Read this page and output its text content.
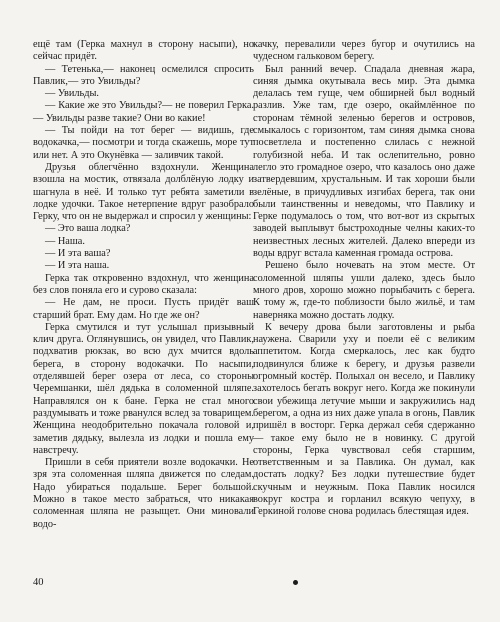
ещё там (Герка махнул в сторону насыпи), но сейчас придёт.

— Тетенька,— наконец осмелился спросить Павлик,— это Увильды?

— Увильды.

— Какие же это Увильды?— не поверил Герка.— Увильды разве такие? Они во какие!

— Ты пойди на тот берег — видишь, где водокачка,— посмотри и тогда скажешь, море тут или нет. А это Окунёвка — заливчик такой.

Друзья облегчённо вздохнули. Женщина взошла на мостик, отвязала долблёную лодку и шагнула в неё. И только тут ребята заметили в лодке удочки. Такое нетерпение вдруг разобрало Герку, что он не выдержал и спросил у женщины:

— Это ваша лодка?

— Наша.

— И эта ваша?

— И эта наша.

Герка так откровенно вздохнул, что женщина без слов поняла его и сурово сказала:

— Не дам, не проси. Пусть придёт ваш старший брат. Ему дам. Но где же он?

Герка смутился и тут услышал призывный клич друга. Оглянувшись, он увидел, что Павлик, подхватив рюкзак, во всю дух мчится вдоль берега, в сторону водокачки. По насыпи, отделявшей берег озера от леса, со стороны Черемшанки, шёл дядька в соломенной шляпе. Направлялся он к бане. Герка не стал много раздумывать и тоже рванулся вслед за товарищем. Женщина неодобрительно покачала головой и, заметив дядьку, вылезла из лодки и пошла ему навстречу.

Пришли в себя приятели возле водокачки. Не зря эта соломенная шляпа движется по следам. Надо убираться подальше. Берег большой. Можно в такое место забраться, что никакая соломенная шляпа не разыщет. Они миновали водо-

качку, перевалили через бугор и очутились на чудесном гальковом берегу.

Был ранний вечер. Спадала дневная жара, синяя дымка окутывала весь мир. Эта дымка делалась тем гуще, чем обширней был водный разлив. Уже там, где озеро, окаймлённое по сторонам тёмной зеленью берегов и островов, смыкалось с горизонтом, там синяя дымка снова посветлела и постепенно слилась с нежной голубизной неба. И так ослепительно, ровно легло это громадное озеро, что казалось оно даже затвердевшим, хрустальным. И так хороши были зелёные, в причудливых изгибах берега, так они были таинственны и неведомы, что Павлику и Герке подумалось о том, что вот-вот из скрытых заводей выплывут быстроходные челны каких-то неизвестных лесных жителей. Далеко впереди из воды вдруг встала каменная громада острова.

Решено было ночевать на этом месте. От соломенной шляпы ушли далеко, здесь было много дров, хорошо можно порыбачить с берега. К тому ж, где-то поблизости было жильё, и там наверняка можно достать лодку.

К вечеру дрова были заготовлены и рыба наужена. Сварили уху и поели её с великим аппетитом. Когда смеркалось, лес как будто подвинулся ближе к берегу, и друзья развели огромный костёр. Полыхал он весело, и Павлику захотелось бегать вокруг него. Когда же покинули свои убежища летучие мыши и закружились над берегом, а одна из них даже упала в огонь, Павлик пришёл в восторг. Герка держал себя сдержанно — такое ему было не в новинку. С другой стороны, Герка чувствовал себя старшим, ответственным и за Павлика. Он думал, как достать лодку? Без лодки путешествие будет скучным и неужным. Пока Павлик носился вокруг костра и горланил всякую чепуху, в Геркиной голове снова родилась блестящая идея.

40
